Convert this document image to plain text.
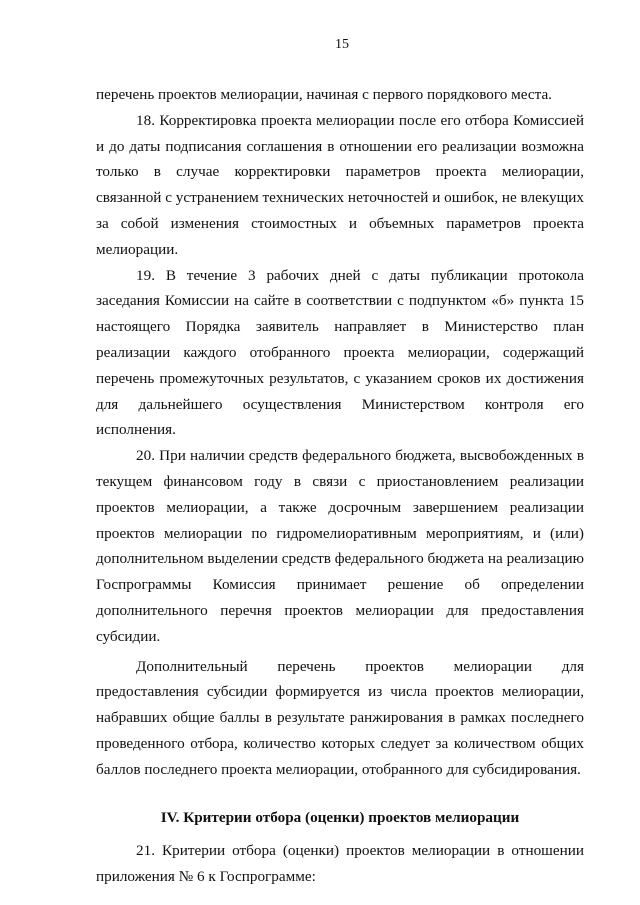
15

перечень проектов мелиорации, начиная с первого порядкового места.

18. Корректировка проекта мелиорации после его отбора Комиссией и до даты подписания соглашения в отношении его реализации возможна только в случае корректировки параметров проекта мелиорации, связанной с устранением технических неточностей и ошибок, не влекущих за собой изменения стоимостных и объемных параметров проекта мелиорации.

19. В течение 3 рабочих дней с даты публикации протокола заседания Комиссии на сайте в соответствии с подпунктом «б» пункта 15 настоящего Порядка заявитель направляет в Министерство план реализации каждого отобранного проекта мелиорации, содержащий перечень промежуточных результатов, с указанием сроков их достижения для дальнейшего осуществления Министерством контроля его исполнения.

20. При наличии средств федерального бюджета, высвобожденных в текущем финансовом году в связи с приостановлением реализации проектов мелиорации, а также досрочным завершением реализации проектов мелиорации по гидромелиоративным мероприятиям, и (или) дополнительном выделении средств федерального бюджета на реализацию Госпрограммы Комиссия принимает решение об определении дополнительного перечня проектов мелиорации для предоставления субсидии.

Дополнительный перечень проектов мелиорации для предоставления субсидии формируется из числа проектов мелиорации, набравших общие баллы в результате ранжирования в рамках последнего проведенного отбора, количество которых следует за количеством общих баллов последнего проекта мелиорации, отобранного для субсидирования.

IV. Критерии отбора (оценки) проектов мелиорации

21. Критерии отбора (оценки) проектов мелиорации в отношении приложения № 6 к Госпрограмме:
